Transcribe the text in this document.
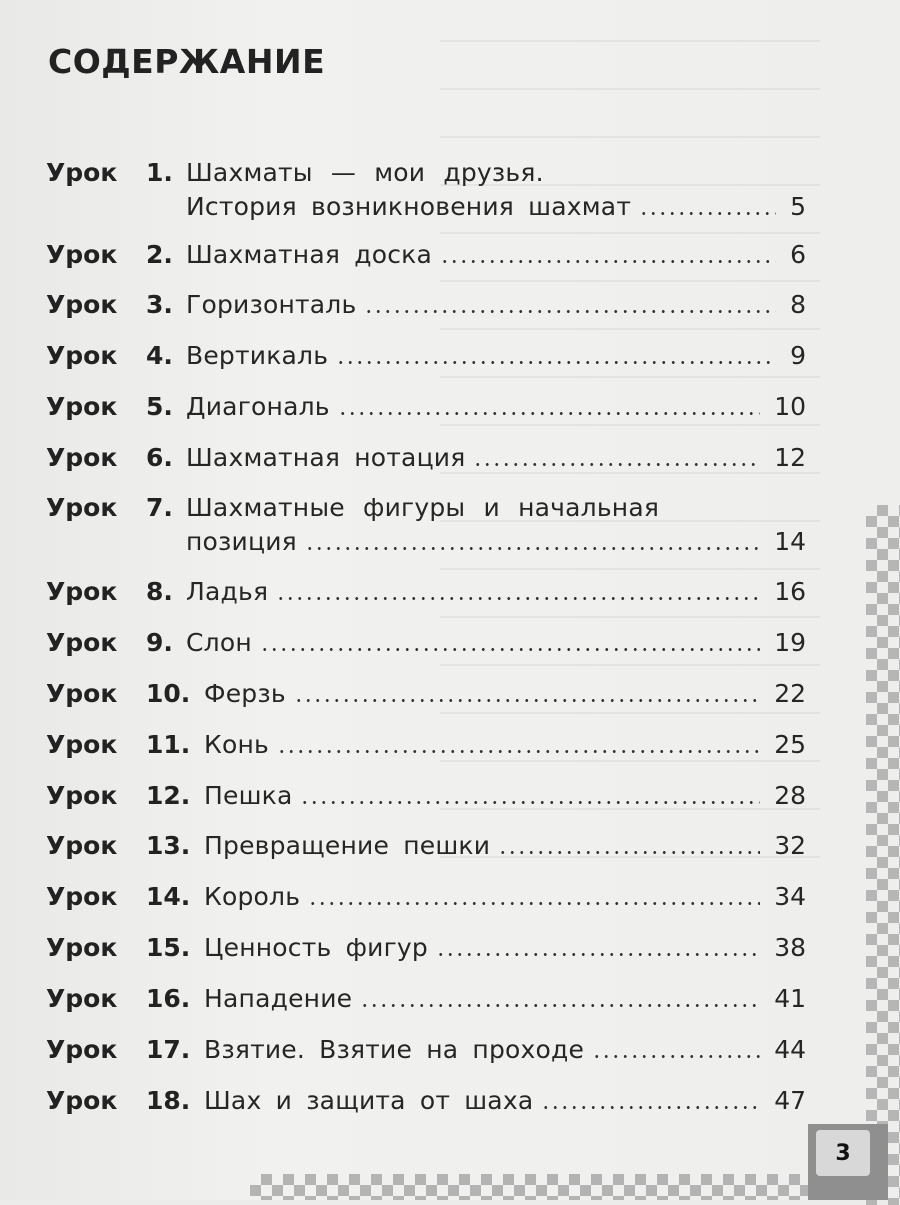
СОДЕРЖАНИЕ
Урок 1. Шахматы — мои друзья.
История возникновения шахмат	5
Урок 2. Шахматная доска	6
Урок 3. Горизонталь	8
Урок 4. Вертикаль	9
Урок 5. Диагональ	10
Урок 6. Шахматная нотация	12
Урок 7. Шахматные фигуры и начальная
позиция	14
Урок 8. Ладья	16
Урок 9. Слон	19
Урок 10. Ферзь	22
Урок 11. Конь	25
Урок 12. Пешка	28
Урок 13. Превращение пешки	32
Урок 14. Король	34
Урок 15. Ценность фигур	38
Урок 16. Нападение	41
Урок 17. Взятие. Взятие на проходе	44
Урок 18. Шах и защита от шаха	47
3
